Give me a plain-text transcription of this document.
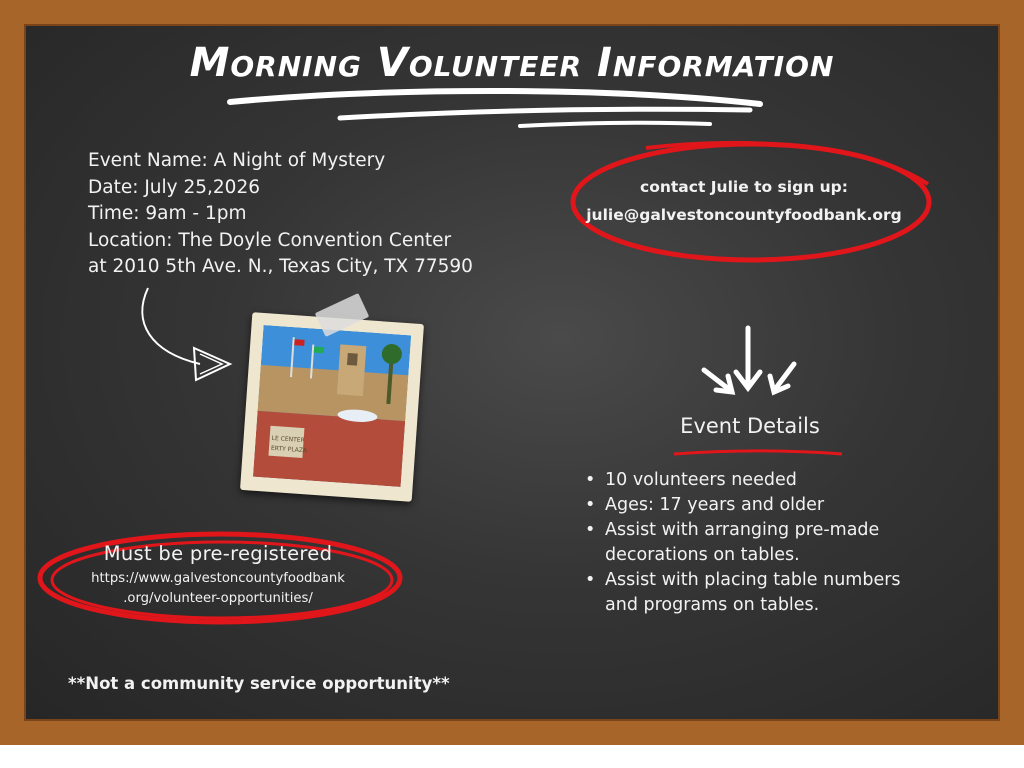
Morning Volunteer Information
Event Name: A Night of Mystery
Date: July 25,2026
Time: 9am - 1pm
Location: The Doyle Convention Center
at 2010 5th Ave. N., Texas City, TX 77590
contact Julie to sign up:
julie@galvestoncountyfoodbank.org
LE CENTER
ERTY PLAZA
Event Details
• 10 volunteers needed
• Ages: 17 years and older
• Assist with arranging pre-made decorations on tables.
• Assist with placing table numbers and programs on tables.
Must be pre-registered
https://www.galvestoncountyfoodbank
.org/volunteer-opportunities/
**Not a community service opportunity**
